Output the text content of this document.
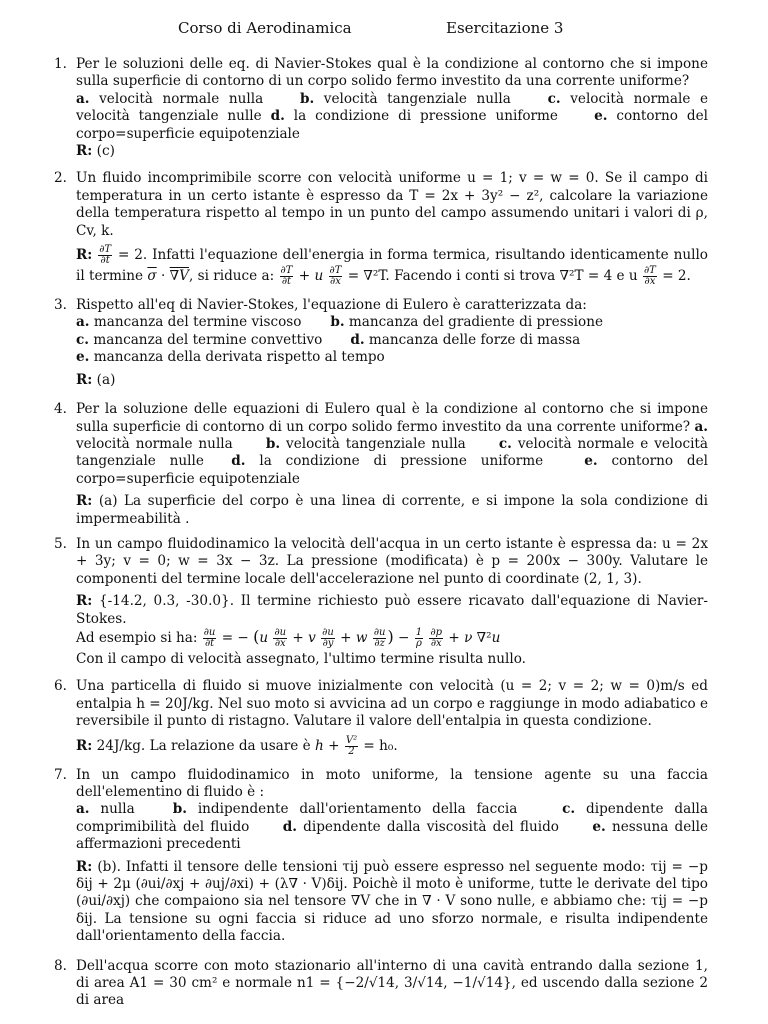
Corso di Aerodinamica	Esercitazione 3
1. Per le soluzioni delle eq. di Navier-Stokes qual è la condizione al contorno che si impone sulla superficie di contorno di un corpo solido fermo investito da una corrente uniforme?

a. velocità normale nulla  	b. velocità tangenziale nulla  	c. velocità normale e velocità tangenziale nulle d. la condizione di pressione uniforme  	e. contorno del corpo=superficie equipotenziale

R: (c)

2. Un fluido incomprimibile scorre con velocità uniforme u = 1; v = w = 0. Se il campo di temperatura in un certo istante è espresso da T = 2x + 3y² − z², calcolare la variazione della temperatura rispetto al tempo in un punto del campo assumendo unitari i valori di ρ, Cv, k.

R: $\frac{\partial T}{\partial t} = 2$. Infatti l'equazione dell'energia in forma termica, risultando identicamente nullo il termine $\overline{\sigma} \cdot \nabla V$, si riduce a: $\frac{\partial T}{\partial t} + u \frac{\partial T}{\partial x} = \nabla^2T$. Facendo i conti si trova ∇²T = 4 e u $\frac{\partial T}{\partial x} = 2$.

3. Rispetto all'eq di Navier-Stokes, l'equazione di Eulero è caratterizzata da:

a. mancanza del termine viscoso b. mancanza del gradiente di pressione
c. mancanza del termine convettivo d. mancanza delle forze di massa
e. mancanza della derivata rispetto al tempo

R: (a)

4. Per la soluzione delle equazioni di Eulero qual è la condizione al contorno che si impone sulla superficie di contorno di un corpo solido fermo investito da una corrente uniforme? a. velocità normale nulla   b. velocità tangenziale nulla   c. velocità normale e velocità tangenziale nulle  d. la condizione di pressione uniforme  	e. contorno del corpo=superficie equipotenziale

R: (a) La superficie del corpo è una linea di corrente, e si impone la sola condizione di impermeabilità .

5. In un campo fluidodinamico la velocità dell'acqua in un certo istante è espressa da: u = 2x + 3y; v = 0; w = 3x − 3z. La pressione (modificata) è p = 200x − 300y. Valutare le componenti del termine locale dell'accelerazione nel punto di coordinate (2, 1, 3).

R: {-14.2, 0.3, -30.0}. Il termine richiesto può essere ricavato dall'equazione di Navier-Stokes.
Ad esempio si ha: $\frac{\partial u}{\partial t}$ = − ($u \frac{\partial u}{\partial x} + v \frac{\partial u}{\partial y} + w \frac{\partial u}{\partial z}$ ) − $\frac{1}{\rho}$
$\frac{\partial p}{\partial x} + \nu$ ∇²u

Con il campo di velocità assegnato, l'ultimo termine risulta nullo.

6. Una particella di fluido si muove inizialmente con velocità (u = 2; v = 2; w = 0)m/s ed entalpia h = 20J/kg. Nel suo moto si avvicina ad un corpo e raggiunge in modo adiabatico e reversibile il punto di ristagno. Valutare il valore dell'entalpia in questa condizione.

R: 24J/kg. La relazione da usare è $h + \frac{\text{V²}}{2} = h_0$.

7. In un campo fluidodinamico in moto uniforme, la tensione agente su una faccia dell'elementino di fluido è :

a. nulla  	b. indipendente dall'orientamento della faccia   	c. dipendente dalla comprimibilità del fluido   d. dipendente dalla viscosità del fluido   e. nessuna delle affermazioni precedenti

R: (b). Infatti il tensore delle tensioni τij può essere espresso nel seguente modo: τij = −p δij + 2μ (∂ui/∂xj + ∂uj/∂xi) + (λ∇ · V)δij. Poichè il moto è uniforme, tutte le derivate del tipo (∂ui/∂xj) che compaiono sia nel tensore ∇V che in ∇ · V sono nulle, e abbiamo che: τij = −p δij. La tensione su ogni faccia si riduce ad uno sforzo normale, e risulta indipendente dall'orientamento della faccia.

8. Dell'acqua scorre con moto stazionario all'interno di una cavità entrando dalla sezione 1, di area A1 = 30 cm² e normale n1 = {−2/√14, 3/√14, −1/√14}, ed uscendo dalla sezione 2 di area
